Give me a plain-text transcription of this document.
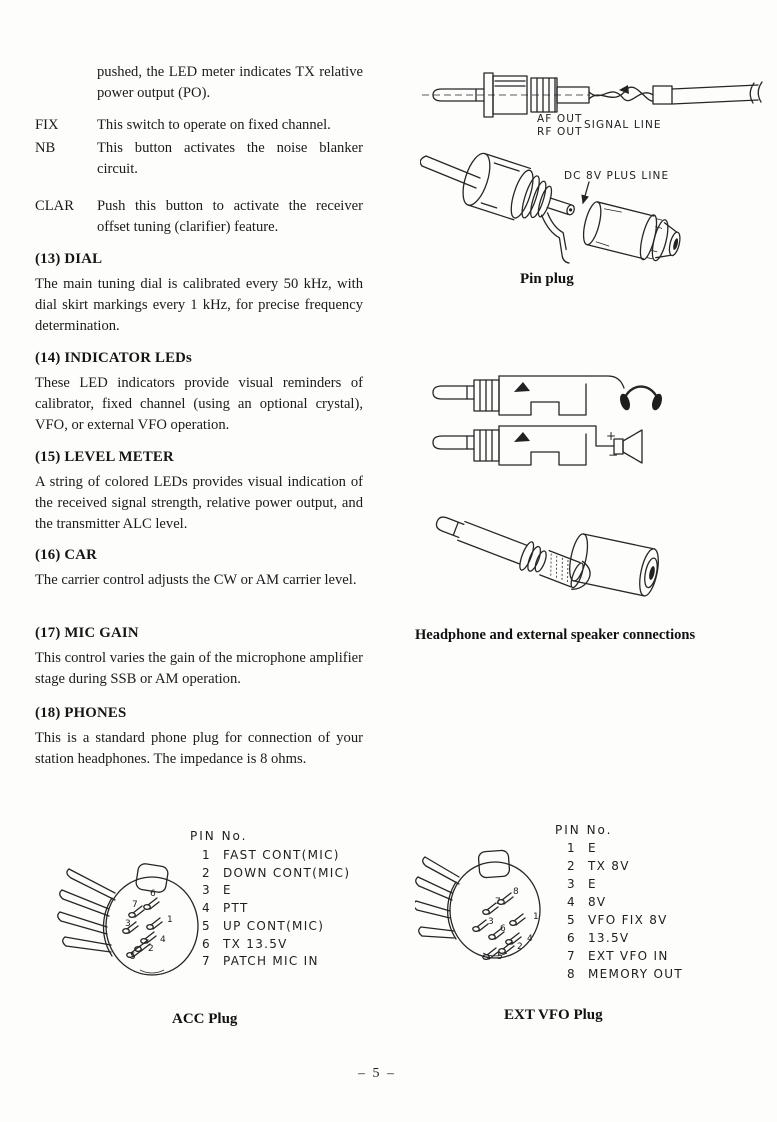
pushed, the LED meter indicates TX relative power output (PO).
FIX	This switch to operate on fixed channel.
NB	This button activates the noise blanker circuit.
CLAR Push this button to activate the receiver offset tuning (clarifier) feature.
(13) DIAL
The main tuning dial is calibrated every 50 kHz, with dial skirt markings every 1 kHz, for precise frequency determination.
(14) INDICATOR LEDs
These LED indicators provide visual reminders of calibrator, fixed channel (using an optional crystal), VFO, or external VFO operation.
(15) LEVEL METER
A string of colored LEDs provides visual indication of the received signal strength, relative power output, and the transmitter ALC level.
(16) CAR
The carrier control adjusts the CW or AM carrier level.
(17) MIC GAIN
This control varies the gain of the microphone amplifier stage during SSB or AM operation.
(18) PHONES
This is a standard phone plug for connection of your station headphones. The impedance is 8 ohms.
AF OUT
RF OUT
SIGNAL LINE
DC 8V PLUS LINE
Pin plug
+
−
Headphone and external speaker connections
1
2
3
4
5
6
7
PIN No.
1 FAST CONT(MIC)
2 DOWN CONT(MIC)
3 E
4 PTT
5 UP CONT(MIC)
6 TX 13.5V
7 PATCH MIC IN
ACC Plug
1
2
3
4
5
6
7
8
PIN No.
1 E
2 TX 8V
3 E
4 8V
5 VFO FIX 8V
6 13.5V
7 EXT VFO IN
8 MEMORY OUT
EXT VFO Plug
– 5 –
